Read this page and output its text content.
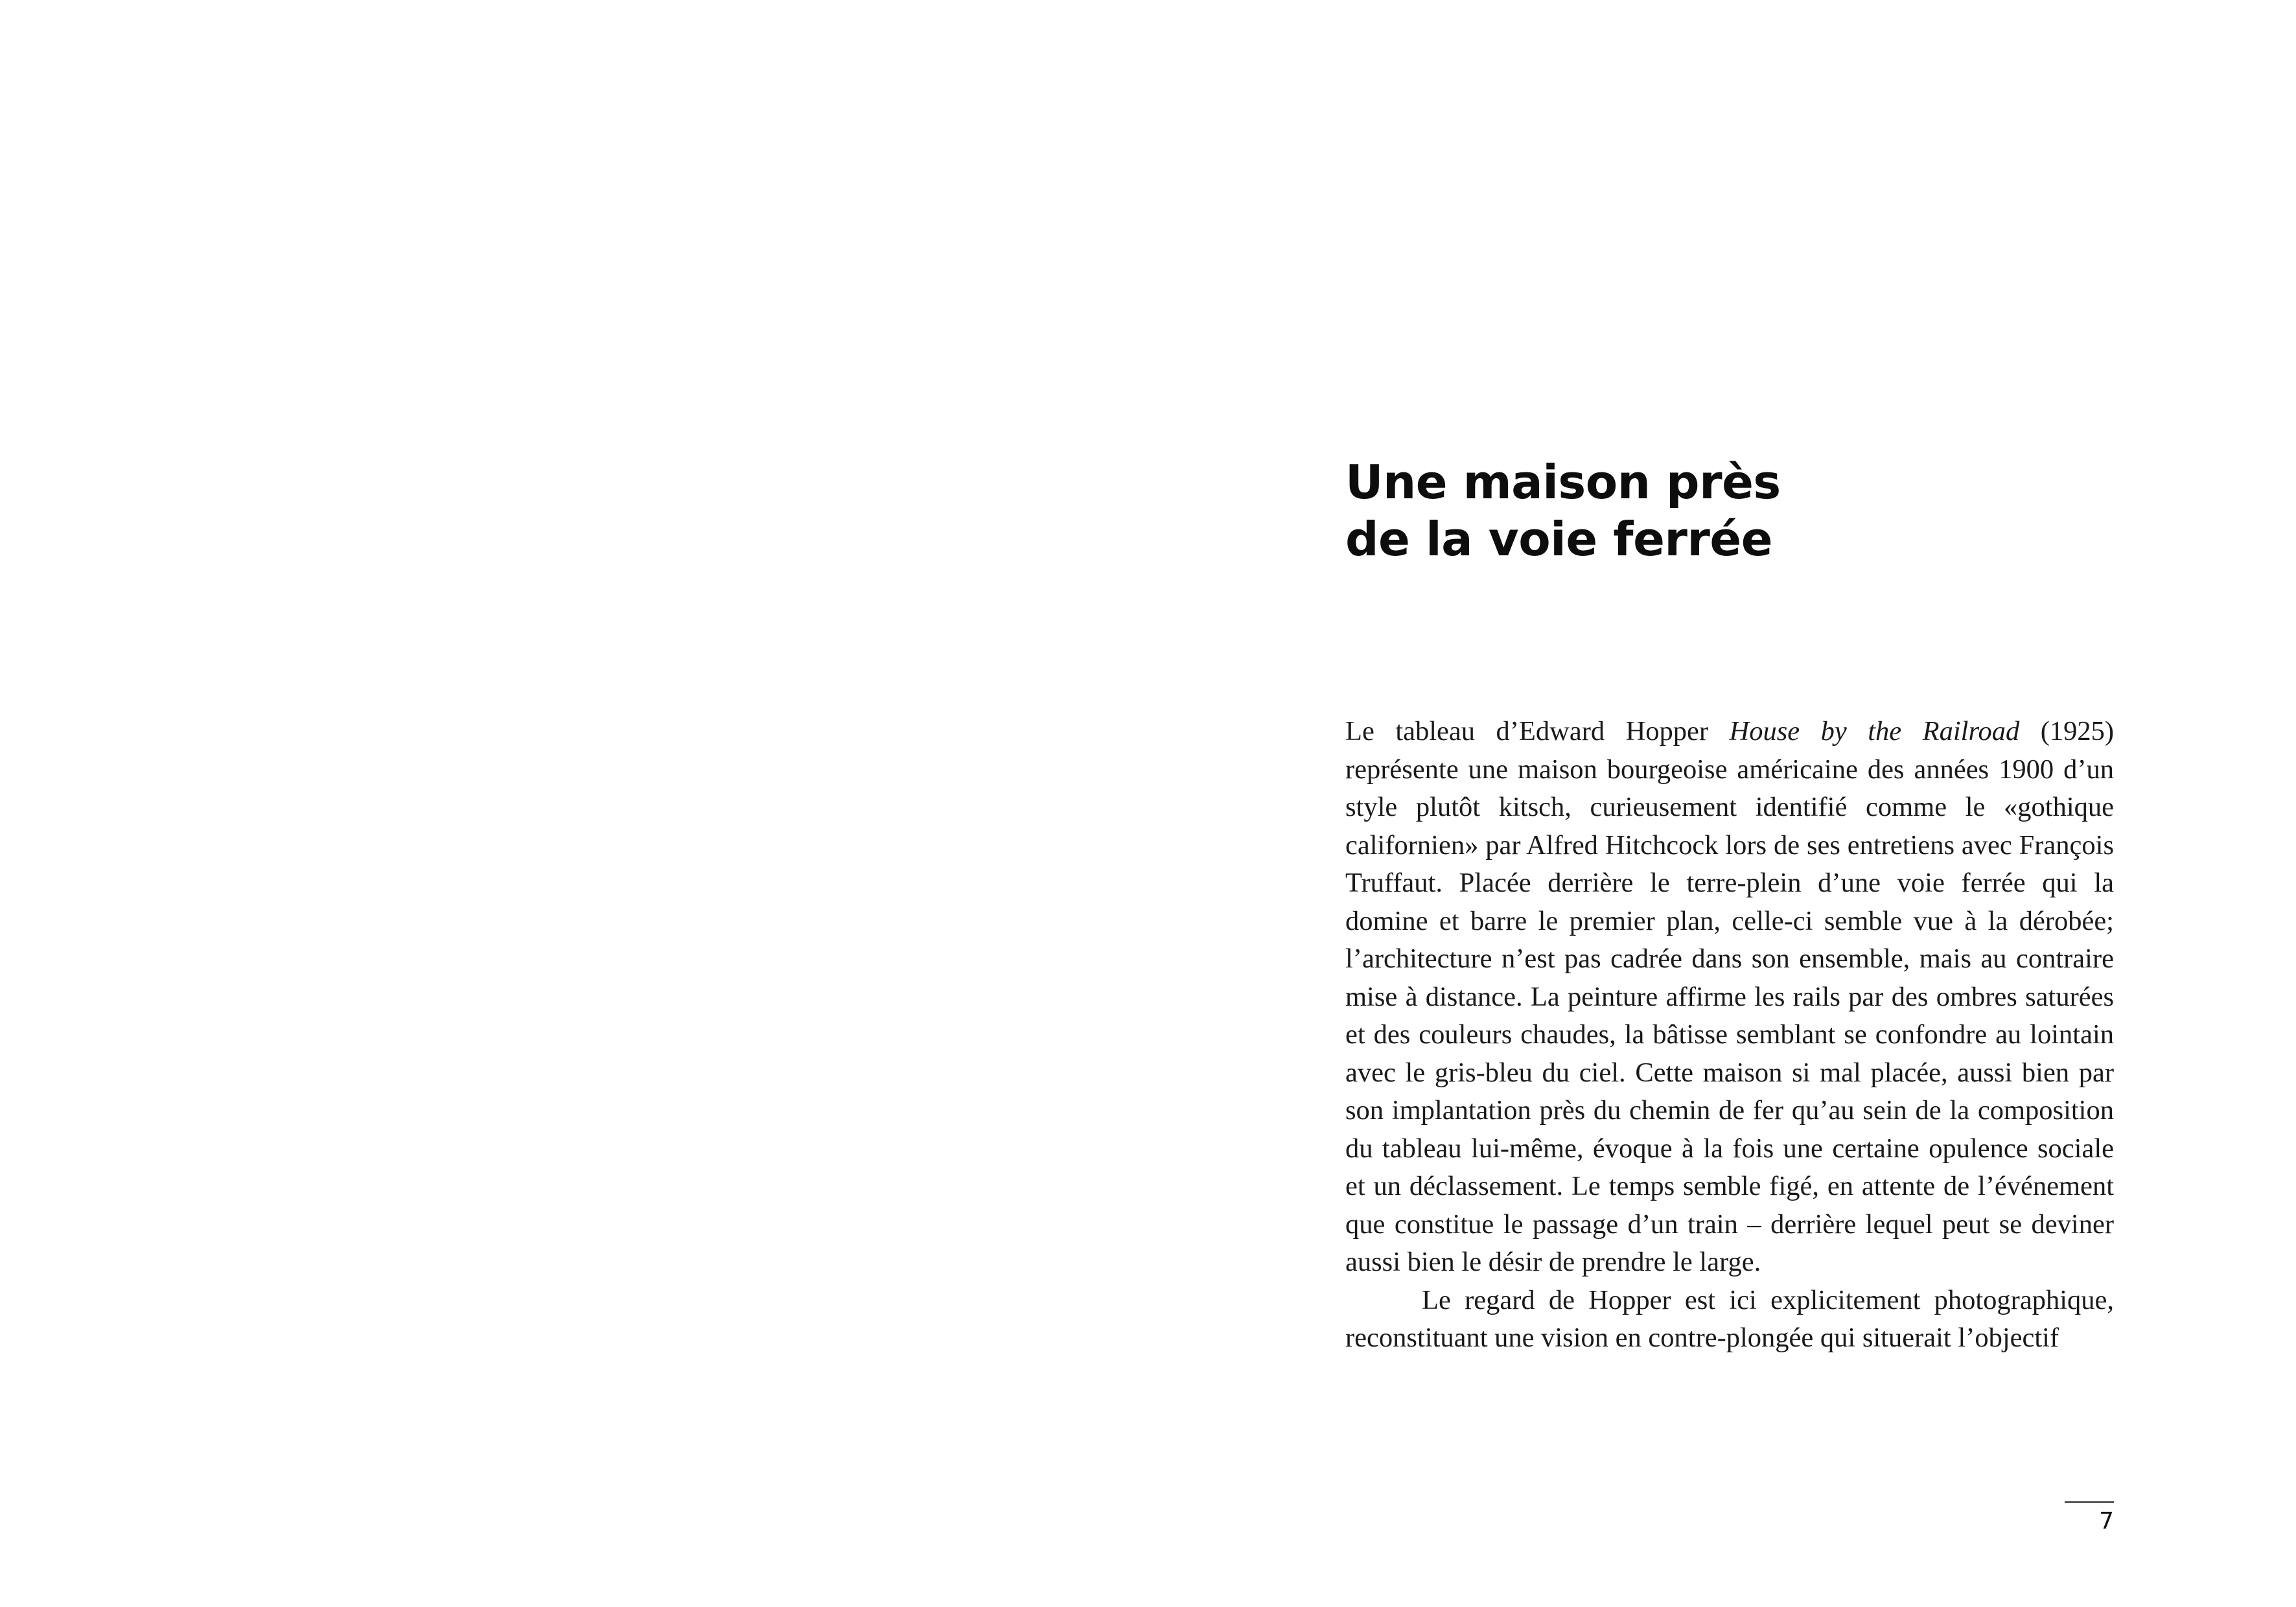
Une maison près
de la voie ferrée

Le tableau d’Edward Hopper House by the Railroad (1925) représente une maison bourgeoise américaine des années 1900 d’un style plutôt kitsch, curieusement identifié comme le «gothique californien» par Alfred Hitchcock lors de ses entretiens avec François Truffaut. Placée derrière le terre-plein d’une voie ferrée qui la domine et barre le premier plan, celle-ci semble vue à la dérobée; l’architecture n’est pas cadrée dans son ensemble, mais au contraire mise à distance. La peinture affirme les rails par des ombres saturées et des couleurs chaudes, la bâtisse semblant se confondre au lointain avec le gris-bleu du ciel. Cette maison si mal placée, aussi bien par son implantation près du chemin de fer qu’au sein de la composition du tableau lui-même, évoque à la fois une certaine opulence sociale et un déclassement. Le temps semble figé, en attente de l’événement que constitue le passage d’un train – derrière lequel peut se deviner aussi bien le désir de prendre le large.

Le regard de Hopper est ici explicitement photographique, reconstituant une vision en contre-plongée qui situerait l’objectif

7
